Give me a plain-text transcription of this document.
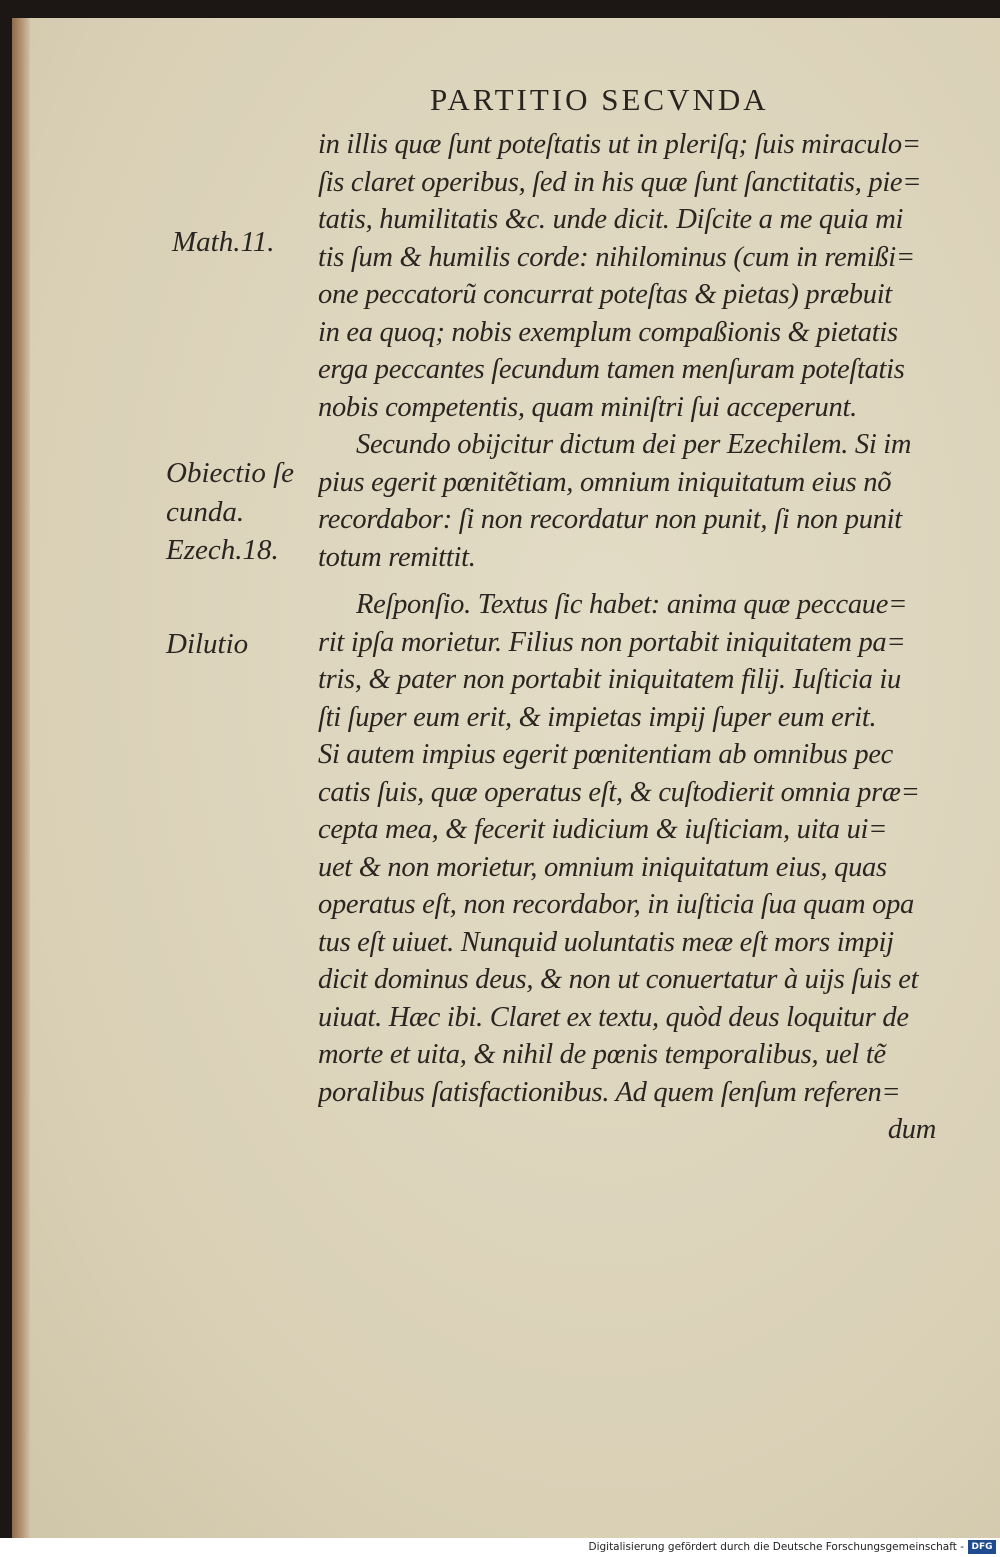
PARTITIO SECVNDA
Math.11.
Obiectio ſe
cunda.
Ezech.18.
Dilutio
in illis quæ ſunt poteſtatis ut in pleriſq; ſuis miraculo=
ſis claret operibus, ſed in his quæ ſunt ſanctitatis, pie=
tatis, humilitatis &c. unde dicit. Diſcite a me quia mi
tis ſum & humilis corde: nihilominus (cum in remißi=
one peccatorũ concurrat poteſtas & pietas) præbuit
in ea quoq; nobis exemplum compaßionis & pietatis
erga peccantes ſecundum tamen menſuram poteſtatis
nobis competentis, quam miniſtri ſui acceperunt.
Secundo obijcitur dictum dei per Ezechilem. Si im
pius egerit pœnitẽtiam, omnium iniquitatum eius nõ
recordabor: ſi non recordatur non punit, ſi non punit
totum remittit.
Reſponſio. Textus ſic habet: anima quæ peccaue=
rit ipſa morietur. Filius non portabit iniquitatem pa=
tris, & pater non portabit iniquitatem filij. Iuſticia iu
ſti ſuper eum erit, & impietas impij ſuper eum erit.
Si autem impius egerit pœnitentiam ab omnibus pec
catis ſuis, quæ operatus eſt, & cuſtodierit omnia præ=
cepta mea, & fecerit iudicium & iuſticiam, uita ui=
uet & non morietur, omnium iniquitatum eius, quas
operatus eſt, non recordabor, in iuſticia ſua quam opa
tus eſt uiuet. Nunquid uoluntatis meæ eſt mors impij
dicit dominus deus, & non ut conuertatur à uijs ſuis et
uiuat. Hæc ibi. Claret ex textu, quòd deus loquitur de
morte et uita, & nihil de pœnis temporalibus, uel tẽ
poralibus ſatisfactionibus. Ad quem ſenſum referen=
dum
Digitalisierung gefördert durch die Deutsche Forschungsgemeinschaft - DFG
